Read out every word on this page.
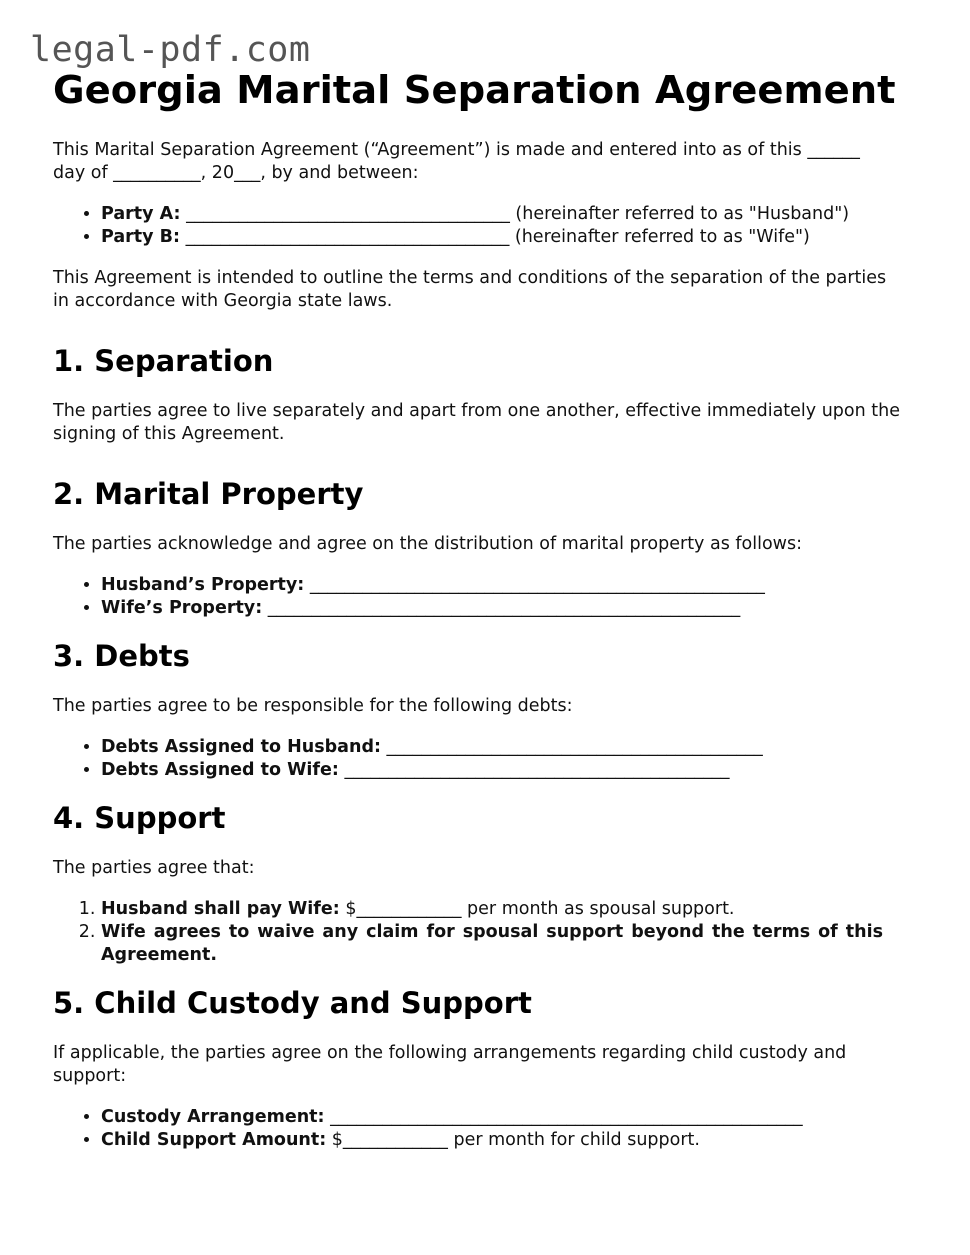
legal-pdf.com
Georgia Marital Separation Agreement

This Marital Separation Agreement (“Agreement”) is made and entered into as of this ______ day of __________, 20___, by and between:

• Party A: _____________________________________ (hereinafter referred to as "Husband")
• Party B: _____________________________________ (hereinafter referred to as "Wife")

This Agreement is intended to outline the terms and conditions of the separation of the parties in accordance with Georgia state laws.

1. Separation

The parties agree to live separately and apart from one another, effective immediately upon the signing of this Agreement.

2. Marital Property

The parties acknowledge and agree on the distribution of marital property as follows:

• Husband’s Property: ____________________________________________________
• Wife’s Property: ______________________________________________________
3. Debts

The parties agree to be responsible for the following debts:

• Debts Assigned to Husband: ___________________________________________
• Debts Assigned to Wife: ____________________________________________
4. Support

The parties agree that:

1. Husband shall pay Wife: $____________ per month as spousal support.
2. Wife agrees to waive any claim for spousal support beyond the terms of this Agreement.
5. Child Custody and Support

If applicable, the parties agree on the following arrangements regarding child custody and support:

• Custody Arrangement: ______________________________________________________
• Child Support Amount: $____________ per month for child support.
